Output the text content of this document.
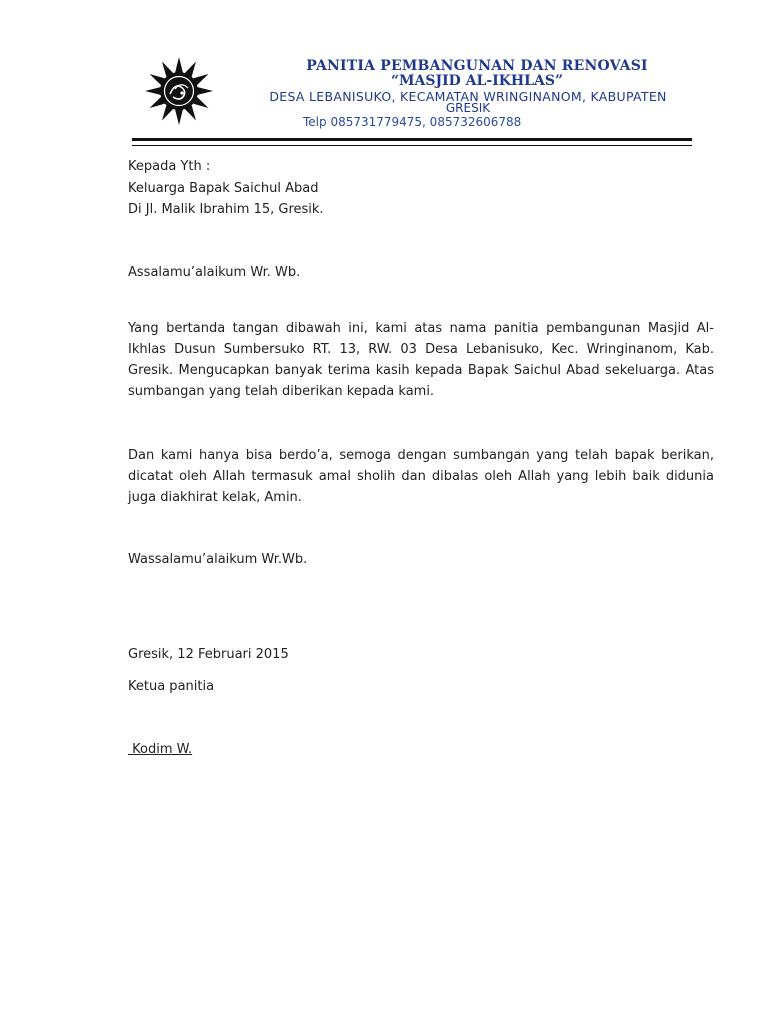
PANITIA PEMBANGUNAN DAN RENOVASI
“MASJID AL-IKHLAS”
DESA LEBANISUKO, KECAMATAN WRINGINANOM, KABUPATEN
GRESIK
Telp 085731779475, 085732606788
Kepada Yth :
Keluarga Bapak Saichul Abad
Di Jl. Malik Ibrahim 15, Gresik.
Assalamu’alaikum Wr. Wb.
Yang bertanda tangan dibawah ini, kami atas nama panitia pembangunan Masjid Al-Ikhlas Dusun Sumbersuko RT. 13, RW. 03 Desa Lebanisuko, Kec. Wringinanom, Kab. Gresik. Mengucapkan banyak terima kasih kepada Bapak Saichul Abad sekeluarga. Atas sumbangan yang telah diberikan kepada kami.
Dan kami hanya bisa berdo’a, semoga dengan sumbangan yang telah bapak berikan, dicatat oleh Allah termasuk amal sholih dan dibalas oleh Allah yang lebih baik didunia juga diakhirat kelak, Amin.
Wassalamu’alaikum Wr.Wb.
Gresik, 12 Februari 2015
Ketua panitia
Kodim W.
